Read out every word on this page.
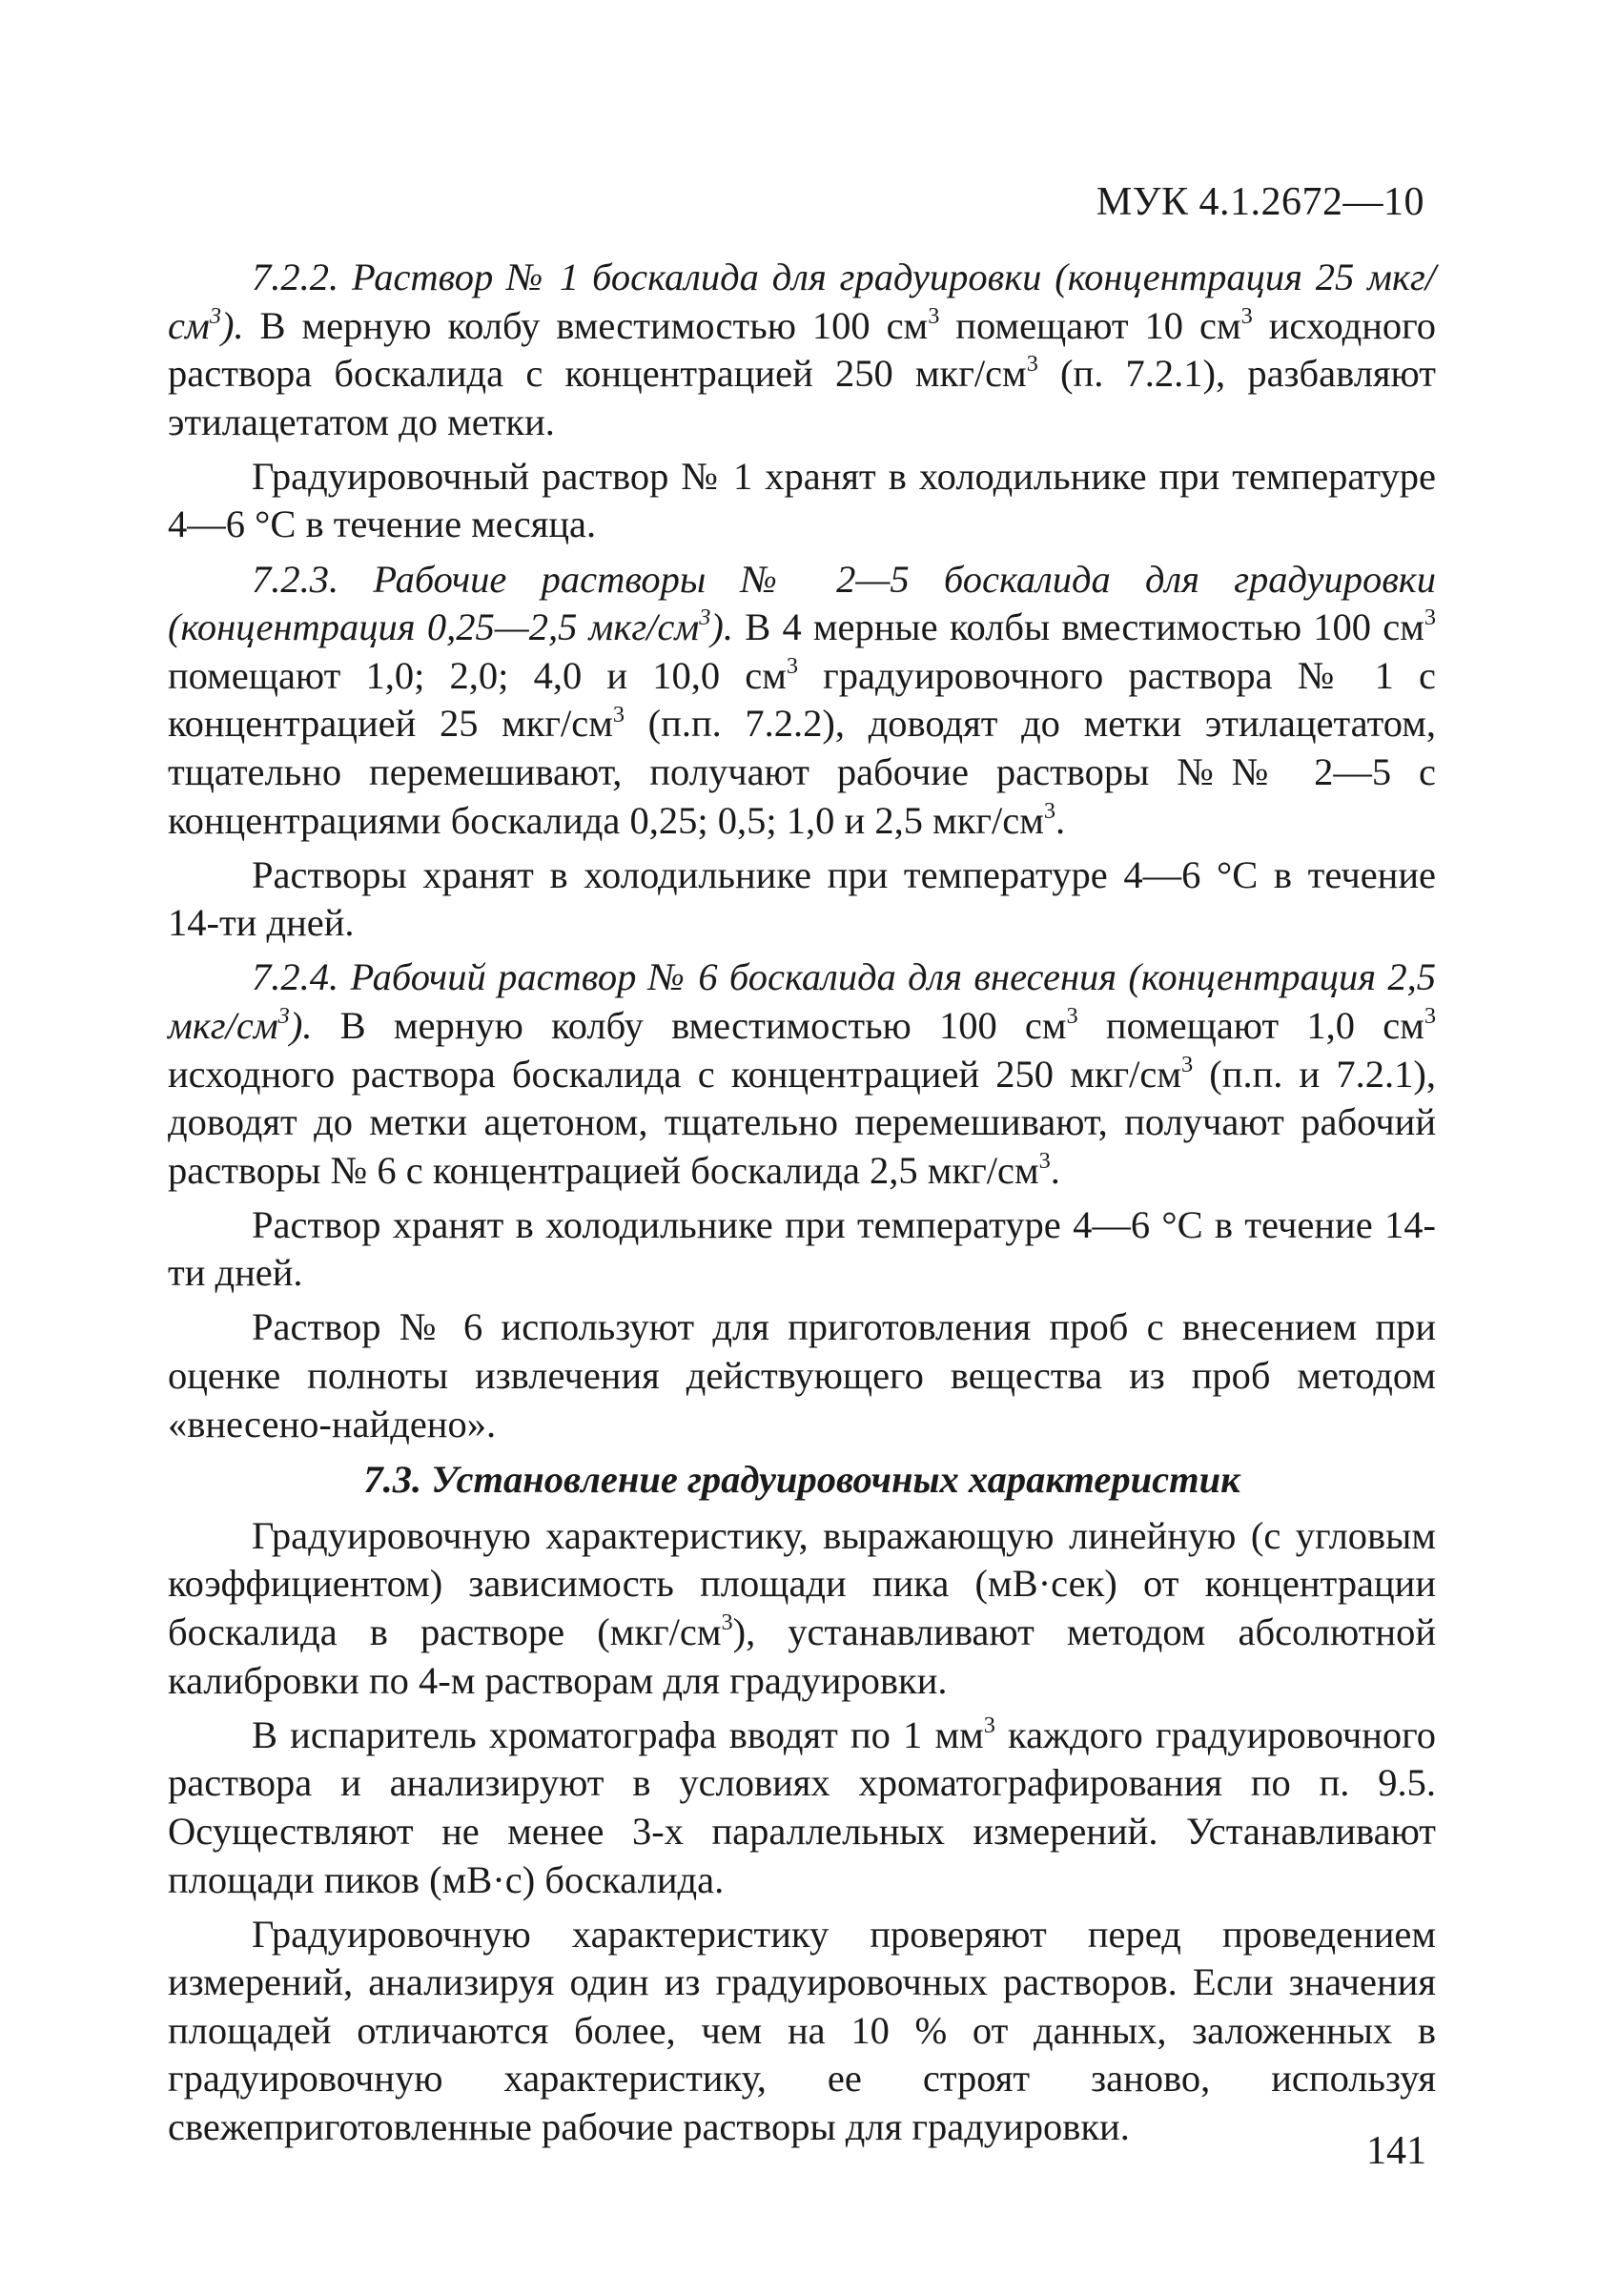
МУК 4.1.2672—10

7.2.2. Раствор № 1 боскалида для градуировки (концентрация 25 мкг/$см^3$). В мерную колбу вместимостью 100 $см^3$ помещают 10 $см^3$ исходного раствора боскалида с концентрацией 250 мкг/$см^3$ (п. 7.2.1), разбавляют этилацетатом до метки.

Градуировочный раствор № 1 хранят в холодильнике при температуре 4—6 °С в течение месяца.

7.2.3. Рабочие растворы № 2—5 боскалида для градуировки (концентрация 0,25—2,5 мкг/$см^3$). В 4 мерные колбы вместимостью 100 $см^3$ помещают 1,0; 2,0; 4,0 и 10,0 $см^3$ градуировочного раствора № 1 с концентрацией 25 мкг/$см^3$ (п.п. 7.2.2), доводят до метки этилацетатом, тщательно перемешивают, получают рабочие растворы №№ 2—5 с концентрациями боскалида 0,25; 0,5; 1,0 и 2,5 мкг/$см^3$.

Растворы хранят в холодильнике при температуре 4—6 °С в течение 14-ти дней.

7.2.4. Рабочий раствор № 6 боскалида для внесения (концентрация 2,5 мкг/$см^3$). В мерную колбу вместимостью 100 $см^3$ помещают 1,0 $см^3$ исходного раствора боскалида с концентрацией 250 мкг/$см^3$ (п.п. и 7.2.1), доводят до метки ацетоном, тщательно перемешивают, получают рабочий растворы № 6 с концентрацией боскалида 2,5 мкг/$см^3$.

Раствор хранят в холодильнике при температуре 4—6 °С в течение 14-ти дней.

Раствор № 6 используют для приготовления проб с внесением при оценке полноты извлечения действующего вещества из проб методом «внесено-найдено».

7.3. Установление градуировочных характеристик

Градуировочную характеристику, выражающую линейную (с угловым коэффициентом) зависимость площади пика (мВ·сек) от концентрации боскалида в растворе $(мкг/см^3)$, устанавливают методом абсолютной калибровки по 4-м растворам для градуировки.

В испаритель хроматографа вводят по 1 $мм^3$ каждого градуировочного раствора и анализируют в условиях хроматографирования по п. 9.5. Осуществляют не менее 3-х параллельных измерений. Устанавливают площади пиков (мВ·с) боскалида.

Градуировочную характеристику проверяют перед проведением измерений, анализируя один из градуировочных растворов. Если значения площадей отличаются более, чем на 10 % от данных, заложенных в градуировочную характеристику, ее строят заново, используя свежеприготовленные рабочие растворы для градуировки.

141
